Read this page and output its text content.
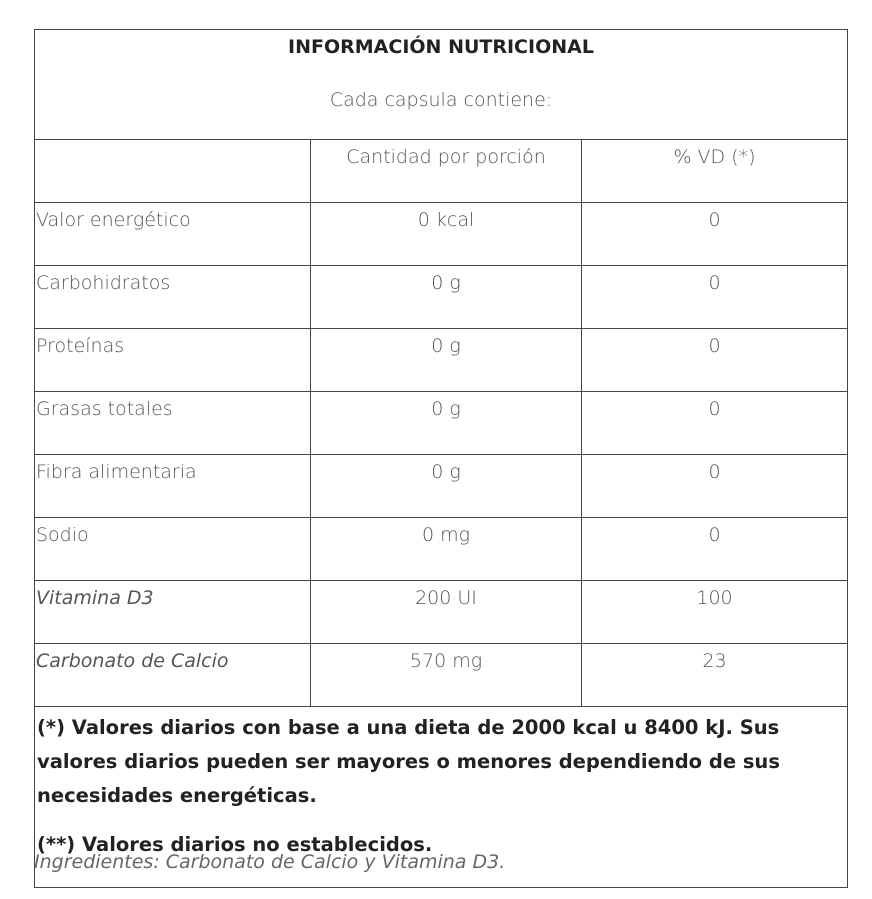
INFORMACIÓN NUTRICIONAL
Cada capsula contiene:		

	Cantidad por porción	% VD (*)
Valor energético	0 kcal	0
Carbohidratos	0 g	0
Proteínas	0 g	0
Grasas totales	0 g	0
Fibra alimentaria	0 g	0
Sodio	0 mg	0
Vitamina D3	200 UI	100
Carbonato de Calcio	570 mg	23

(*) Valores diarios con base a una dieta de 2000 kcal u 8400 kJ. Sus valores diarios pueden ser mayores o menores dependiendo de sus necesidades energéticas.

(**) Valores diarios no establecidos.		

Ingredientes: Carbonato de Calcio y Vitamina D3.
